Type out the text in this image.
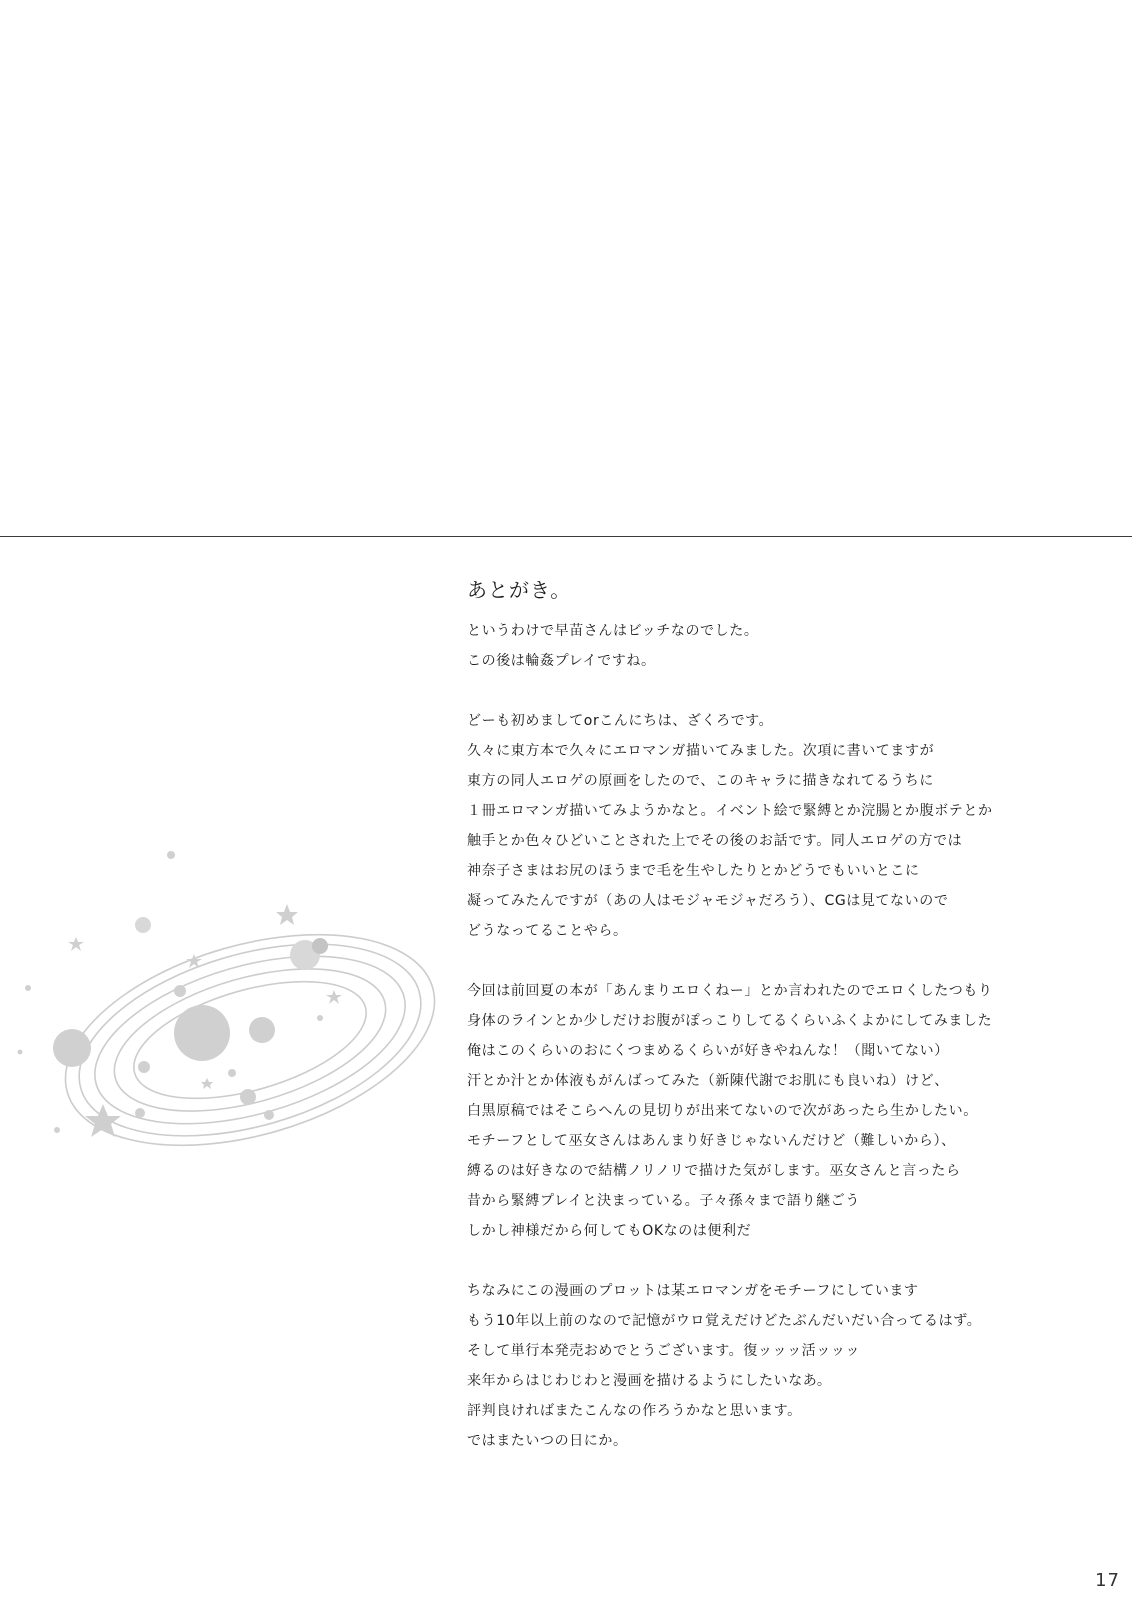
あとがき。
というわけで早苗さんはビッチなのでした。
この後は輪姦プレイですね。
どーも初めましてorこんにちは、ざくろです。
久々に東方本で久々にエロマンガ描いてみました。次項に書いてますが
東方の同人エロゲの原画をしたので、このキャラに描きなれてるうちに
１冊エロマンガ描いてみようかなと。イベント絵で緊縛とか浣腸とか腹ボテとか
触手とか色々ひどいことされた上でその後のお話です。同人エロゲの方では
神奈子さまはお尻のほうまで毛を生やしたりとかどうでもいいとこに
凝ってみたんですが（あの人はモジャモジャだろう）、CGは見てないので
どうなってることやら。
今回は前回夏の本が「あんまりエロくねー」とか言われたのでエロくしたつもり
身体のラインとか少しだけお腹がぽっこりしてるくらいふくよかにしてみました
俺はこのくらいのおにくつまめるくらいが好きやねんな！（聞いてない）
汗とか汁とか体液もがんばってみた（新陳代謝でお肌にも良いね）けど、
白黒原稿ではそこらへんの見切りが出来てないので次があったら生かしたい。
モチーフとして巫女さんはあんまり好きじゃないんだけど（難しいから）、
縛るのは好きなので結構ノリノリで描けた気がします。巫女さんと言ったら
昔から緊縛プレイと決まっている。子々孫々まで語り継ごう
しかし神様だから何してもOKなのは便利だ
ちなみにこの漫画のプロットは某エロマンガをモチーフにしています
もう10年以上前のなので記憶がウロ覚えだけどたぶんだいだい合ってるはず。
そして単行本発売おめでとうございます。復ッッッ活ッッッ
来年からはじわじわと漫画を描けるようにしたいなあ。
評判良ければまたこんなの作ろうかなと思います。
ではまたいつの日にか。
17
